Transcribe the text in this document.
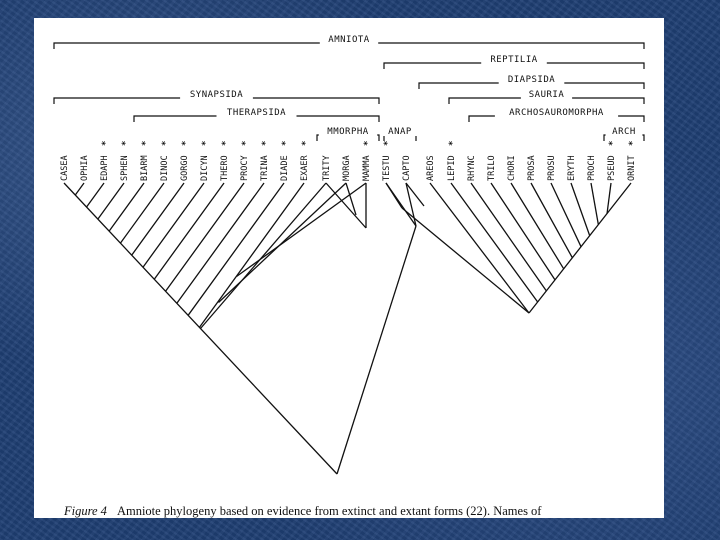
CASEA OPHIA EDAPH
*
SPHEN
*
BIARM
*
DINOC
*
GORGO
*
DICYN
*
THERO
*
PROCY
*
TRINA
*
DIADE
*
EXAER
*
TRITY MORGA MAMMA
*
TESTU
*
CAPTO AREOS LEPID
*
RHYNC TRILO CHORI PROSA PROSU ERYTH PROCH PSEUD
*
ORNIT
*
AMNIOTA
REPTILIA
DIAPSIDA
SYNAPSIDA	SAURIA
THERAPSIDA	ARCHOSAUROMORPHA
MMORPHA ANAP	ARCH

Figure 4 Amniote phylogeny based on evidence from extinct and extant forms (22). Names of
